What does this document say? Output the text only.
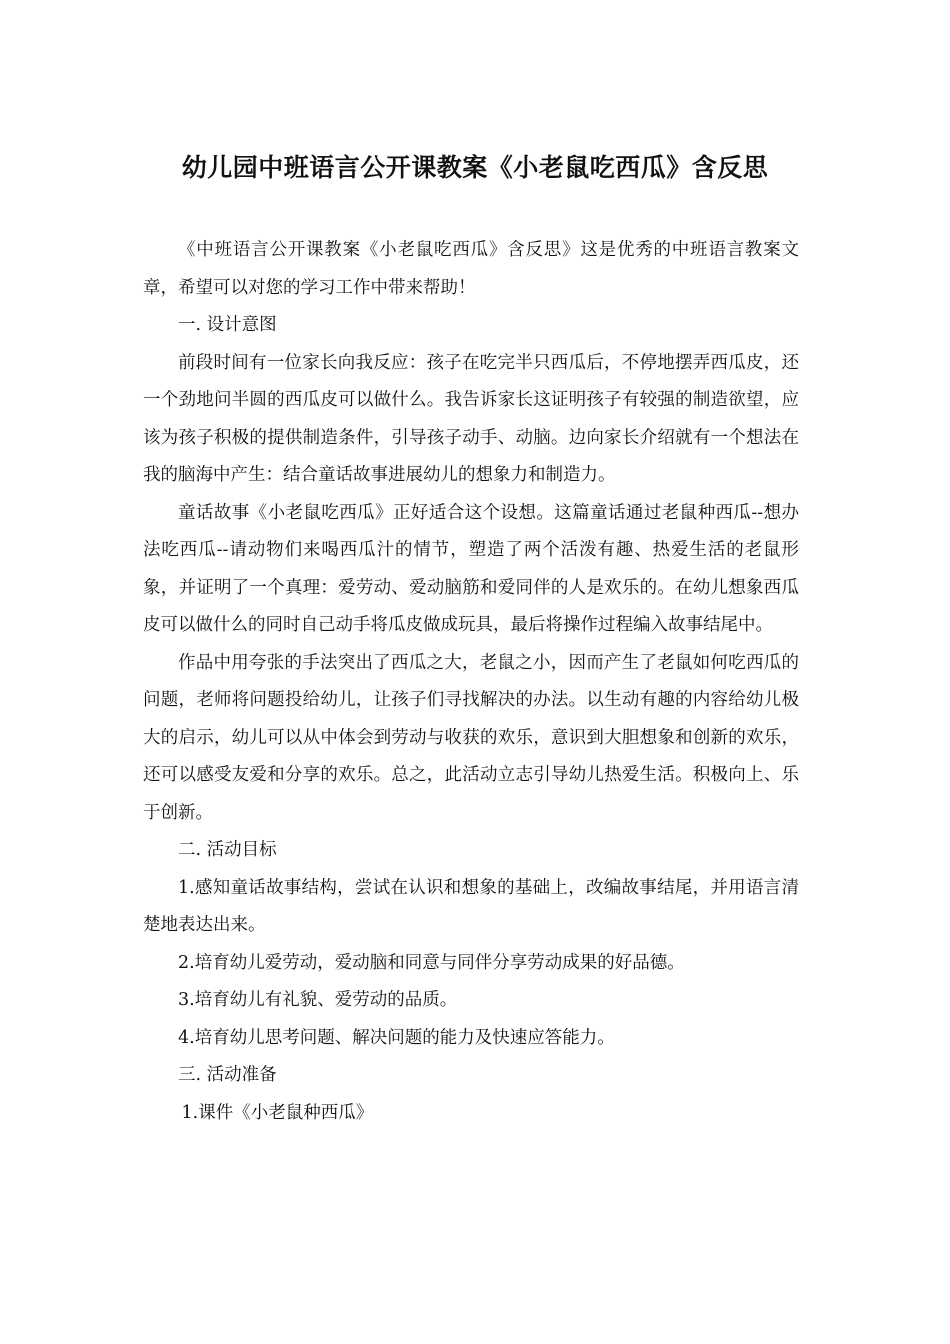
幼儿园中班语言公开课教案《小老鼠吃西瓜》含反思

《中班语言公开课教案《小老鼠吃西瓜》含反思》这是优秀的中班语言教案文章，希望可以对您的学习工作中带来帮助！

一. 设计意图

前段时间有一位家长向我反应：孩子在吃完半只西瓜后，不停地摆弄西瓜皮，还一个劲地问半圆的西瓜皮可以做什么。我告诉家长这证明孩子有较强的制造欲望，应该为孩子积极的提供制造条件，引导孩子动手、动脑。边向家长介绍就有一个想法在我的脑海中产生：结合童话故事进展幼儿的想象力和制造力。

童话故事《小老鼠吃西瓜》正好适合这个设想。这篇童话通过老鼠种西瓜--想办法吃西瓜--请动物们来喝西瓜汁的情节，塑造了两个活泼有趣、热爱生活的老鼠形象，并证明了一个真理：爱劳动、爱动脑筋和爱同伴的人是欢乐的。在幼儿想象西瓜皮可以做什么的同时自己动手将瓜皮做成玩具，最后将操作过程编入故事结尾中。

作品中用夸张的手法突出了西瓜之大，老鼠之小，因而产生了老鼠如何吃西瓜的问题，老师将问题投给幼儿，让孩子们寻找解决的办法。以生动有趣的内容给幼儿极大的启示，幼儿可以从中体会到劳动与收获的欢乐，意识到大胆想象和创新的欢乐，还可以感受友爱和分享的欢乐。总之，此活动立志引导幼儿热爱生活。积极向上、乐于创新。

二. 活动目标

1.感知童话故事结构，尝试在认识和想象的基础上，改编故事结尾，并用语言清楚地表达出来。

2.培育幼儿爱劳动，爱动脑和同意与同伴分享劳动成果的好品德。

3.培育幼儿有礼貌、爱劳动的品质。

4.培育幼儿思考问题、解决问题的能力及快速应答能力。

三. 活动准备

1.课件《小老鼠种西瓜》
